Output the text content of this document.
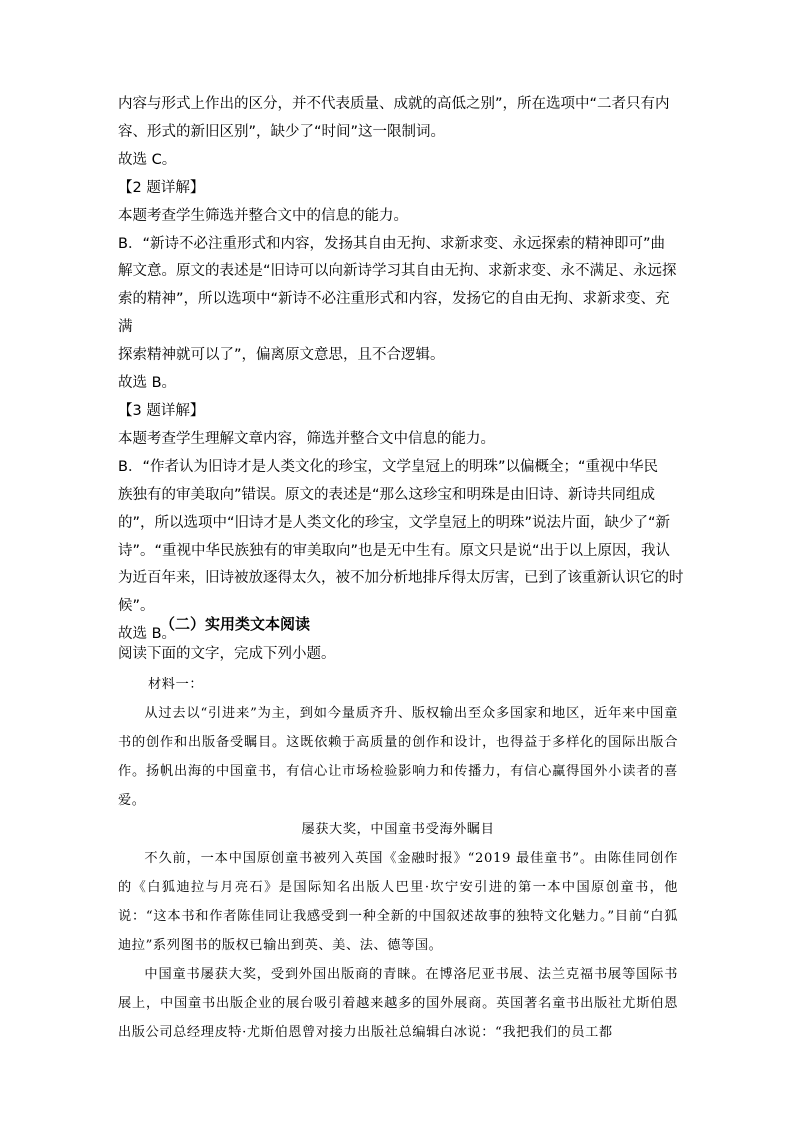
内容与形式上作出的区分，并不代表质量、成就的高低之别”，所在选项中“二者只有内

容、形式的新旧区别”，缺少了“时间”这一限制词。

故选 C。

【2 题详解】

本题考查学生筛选并整合文中的信息的能力。

B．“新诗不必注重形式和内容，发扬其自由无拘、求新求变、永远探索的精神即可”曲

解文意。原文的表述是“旧诗可以向新诗学习其自由无拘、求新求变、永不满足、永远探

索的精神”，所以选项中“新诗不必注重形式和内容，发扬它的自由无拘、求新求变、充满

探索精神就可以了”，偏离原文意思，且不合逻辑。

故选 B。

【3 题详解】

本题考查学生理解文章内容，筛选并整合文中信息的能力。

B．“作者认为旧诗才是人类文化的珍宝，文学皇冠上的明珠”以偏概全；“重视中华民

族独有的审美取向”错误。原文的表述是“那么这珍宝和明珠是由旧诗、新诗共同组成

的”，所以选项中“旧诗才是人类文化的珍宝，文学皇冠上的明珠”说法片面，缺少了“新

诗”。“重视中华民族独有的审美取向”也是无中生有。原文只是说“出于以上原因，我认

为近百年来，旧诗被放逐得太久，被不加分析地排斥得太厉害，已到了该重新认识它的时

候”。

故选 B。

（二）实用类文本阅读
阅读下面的文字，完成下列小题。

材料一：

从过去以“引进来”为主，到如今量质齐升、版权输出至众多国家和地区，近年来中国童书的创作和出版备受瞩目。这既依赖于高质量的创作和设计，也得益于多样化的国际出版合作。扬帆出海的中国童书，有信心让市场检验影响力和传播力，有信心赢得国外小读者的喜爱。

屡获大奖，中国童书受海外瞩目

不久前，一本中国原创童书被列入英国《金融时报》“2019 最佳童书”。由陈佳同创作的《白狐迪拉与月亮石》是国际知名出版人巴里·坎宁安引进的第一本中国原创童书，他说：“这本书和作者陈佳同让我感受到一种全新的中国叙述故事的独特文化魅力。”目前“白狐迪拉”系列图书的版权已输出到英、美、法、德等国。

中国童书屡获大奖，受到外国出版商的青睐。在博洛尼亚书展、法兰克福书展等国际书展上，中国童书出版企业的展台吸引着越来越多的国外展商。英国著名童书出版社尤斯伯恩出版公司总经理皮特·尤斯伯恩曾对接力出版社总编辑白冰说：“我把我们的员工都
